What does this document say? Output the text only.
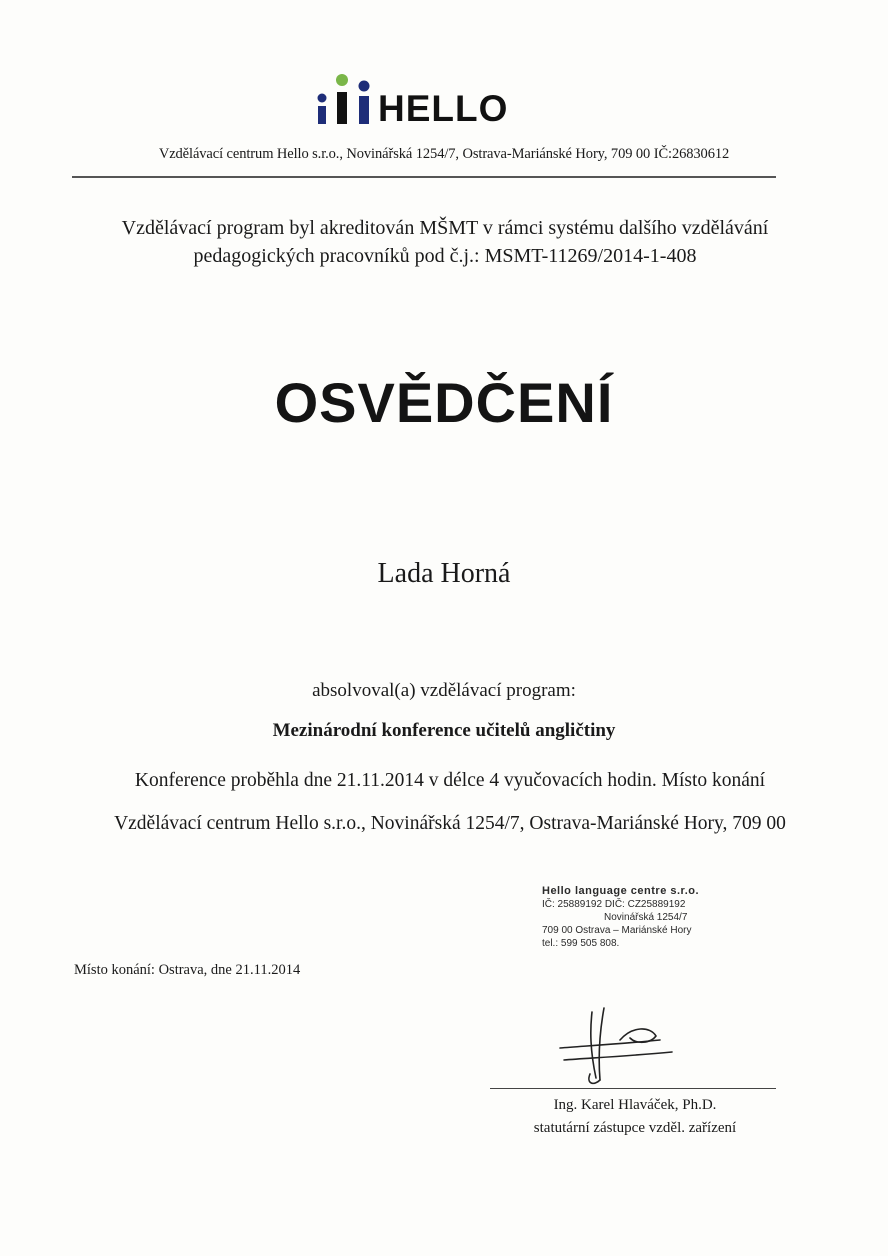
HELLO
Vzdělávací centrum Hello s.r.o., Novinářská 1254/7, Ostrava-Mariánské Hory, 709 00 IČ:26830612
Vzdělávací program byl akreditován MŠMT v rámci systému dalšího vzdělávání
pedagogických pracovníků pod č.j.: MSMT-11269/2014-1-408
OSVĚDČENÍ
Lada Horná
absolvoval(a) vzdělávací program:
Mezinárodní konference učitelů angličtiny
Konference proběhla dne 21.11.2014 v délce 4 vyučovacích hodin. Místo konání
Vzdělávací centrum Hello s.r.o., Novinářská 1254/7, Ostrava-Mariánské Hory, 709 00
Hello language centre s.r.o.
IČ: 25889192 DIČ: CZ25889192
Novinářská 1254/7
709 00 Ostrava – Mariánské Hory
tel.: 599 505 808.
Místo konání: Ostrava, dne 21.11.2014
Ing. Karel Hlaváček, Ph.D.
statutární zástupce vzděl. zařízení
